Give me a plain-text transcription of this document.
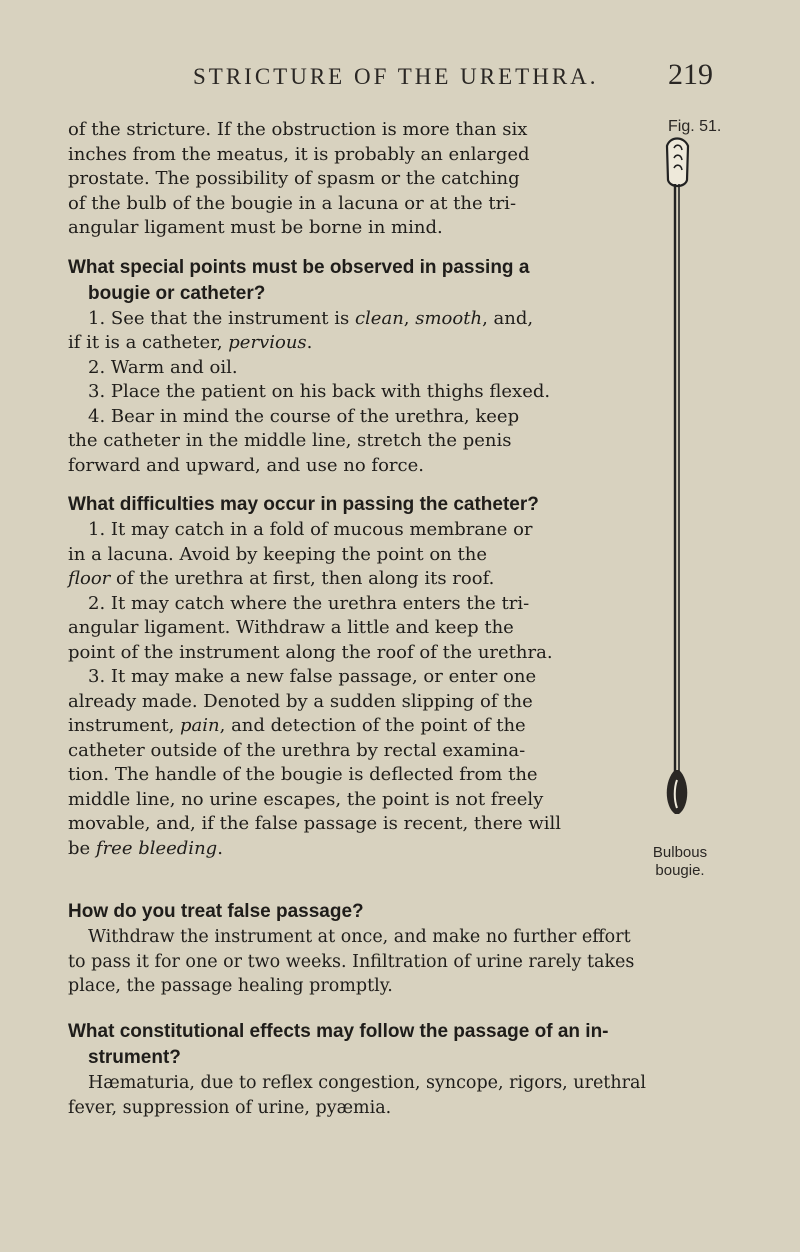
STRICTURE OF THE URETHRA. 219
Fig. 51.
Bulbous
bougie.

of the stricture. If the obstruction is more than six

inches from the meatus, it is probably an enlarged

prostate. The possibility of spasm or the catching

of the bulb of the bougie in a lacuna or at the tri-

angular ligament must be borne in mind.

What special points must be observed in passing a

bougie or catheter?

1. See that the instrument is clean, smooth, and,

if it is a catheter, pervious.

2. Warm and oil.

3. Place the patient on his back with thighs flexed.

4. Bear in mind the course of the urethra, keep

the catheter in the middle line, stretch the penis

forward and upward, and use no force.

What difficulties may occur in passing the catheter?

1. It may catch in a fold of mucous membrane or

in a lacuna. Avoid by keeping the point on the

floor of the urethra at first, then along its roof.

2. It may catch where the urethra enters the tri-

angular ligament. Withdraw a little and keep the

point of the instrument along the roof of the urethra.

3. It may make a new false passage, or enter one

already made. Denoted by a sudden slipping of the

instrument, pain, and detection of the point of the

catheter outside of the urethra by rectal examina-

tion. The handle of the bougie is deflected from the

middle line, no urine escapes, the point is not freely

movable, and, if the false passage is recent, there will

be free bleeding.

How do you treat false passage?

Withdraw the instrument at once, and make no further effort

to pass it for one or two weeks. Infiltration of urine rarely takes

place, the passage healing promptly.

What constitutional effects may follow the passage of an in-

strument?

Hæmaturia, due to reflex congestion, syncope, rigors, urethral

fever, suppression of urine, pyæmia.
